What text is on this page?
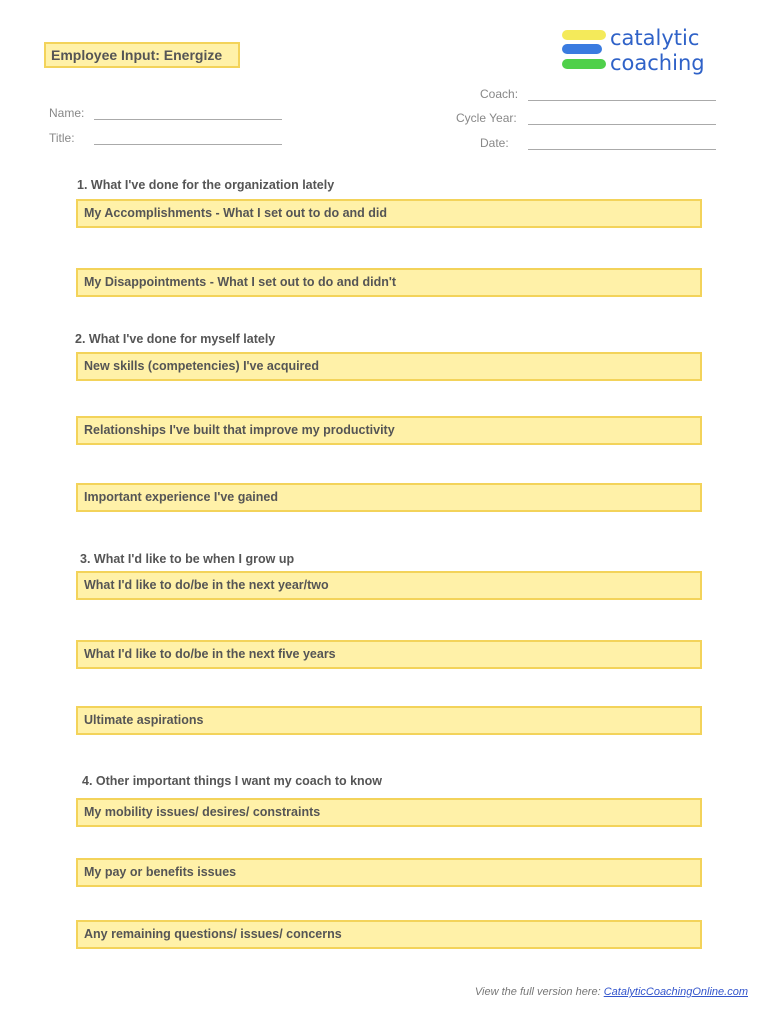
Employee Input: Energize
catalytic
coaching
Name:
Title:
Coach:
Cycle Year:
Date:
1. What I've done for the organization lately
My Accomplishments - What I set out to do and did
My Disappointments - What I set out to do and didn't
2. What I've done for myself lately
New skills (competencies) I've acquired
Relationships I've built that improve my productivity
Important experience I've gained
3. What I'd like to be when I grow up
What I'd like to do/be in the next year/two
What I'd like to do/be in the next five years
Ultimate aspirations
4. Other important things I want my coach to know
My mobility issues/ desires/ constraints
My pay or benefits issues
Any remaining questions/ issues/ concerns
View the full version here: CatalyticCoachingOnline.com
